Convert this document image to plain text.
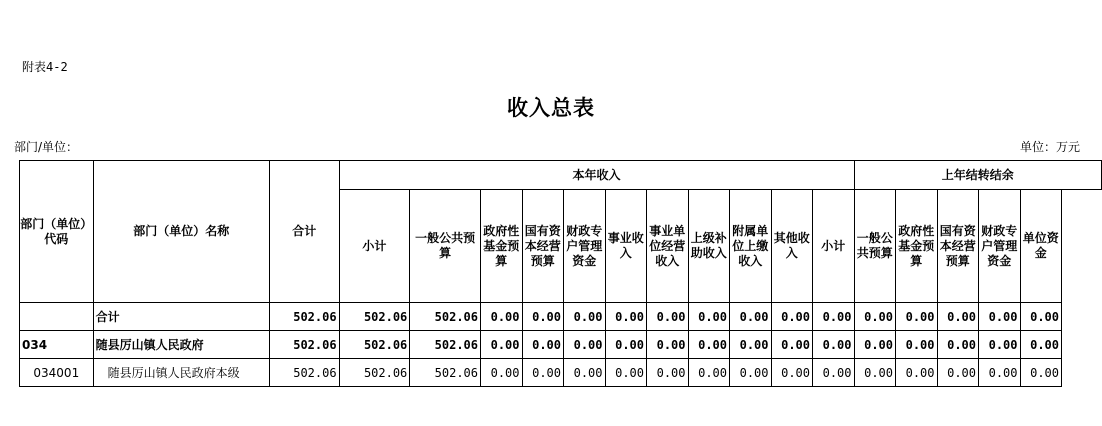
附表4-2
收入总表
部门/单位：	单位：万元
部门（单位）代码	部门（单位）名称	合计	本年收入											上年结转结余				
			小计	一般公共预算	政府性基金预算	国有资本经营预算	财政专户管理资金	事业收入	事业单位经营收入	上级补助收入	附属单位上缴收入	其他收入	小计	一般公共预算	政府性基金预算	国有资本经营预算	财政专户管理资金	单位资金
	合计	502.06	502.06	502.06	0.00	0.00	0.00	0.00	0.00	0.00	0.00	0.00	0.00	0.00	0.00	0.00	0.00	0.00
034	随县厉山镇人民政府	502.06	502.06	502.06	0.00	0.00	0.00	0.00	0.00	0.00	0.00	0.00	0.00	0.00	0.00	0.00	0.00	0.00
034001	随县厉山镇人民政府本级	502.06	502.06	502.06	0.00	0.00	0.00	0.00	0.00	0.00	0.00	0.00	0.00	0.00	0.00	0.00	0.00	0.00
